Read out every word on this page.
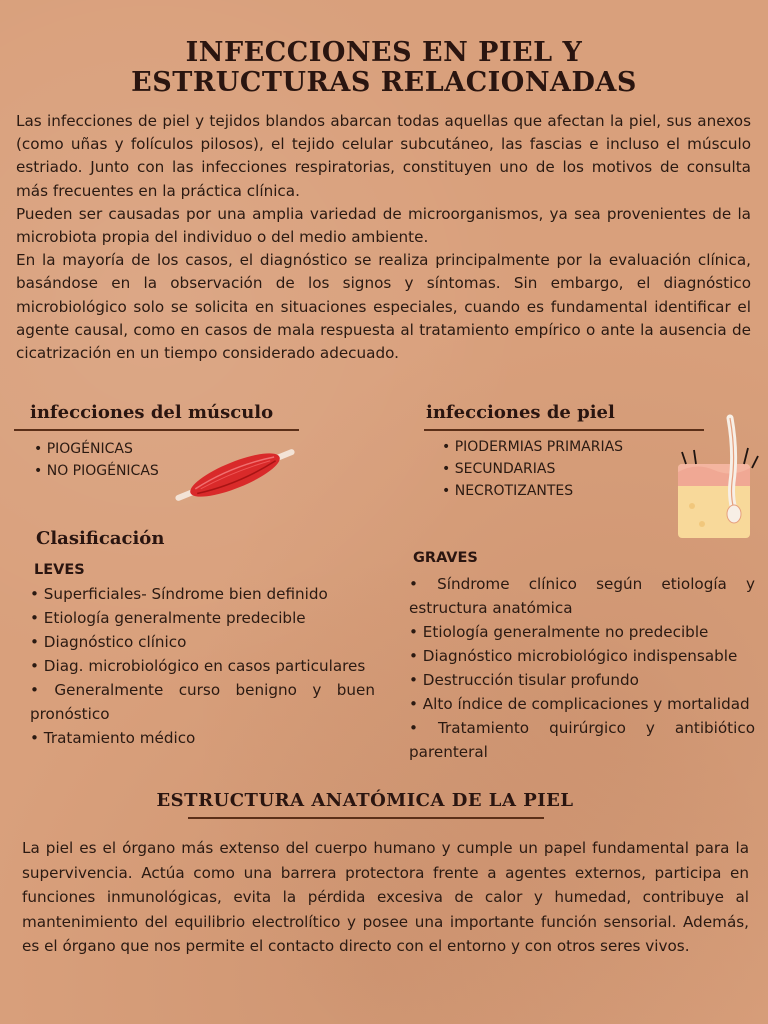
INFECCIONES EN PIEL Y
ESTRUCTURAS RELACIONADAS

Las infecciones de piel y tejidos blandos abarcan todas aquellas que afectan la piel, sus anexos (como uñas y folículos pilosos), el tejido celular subcutáneo, las fascias e incluso el músculo estriado. Junto con las infecciones respiratorias, constituyen uno de los motivos de consulta más frecuentes en la práctica clínica.

Pueden ser causadas por una amplia variedad de microorganismos, ya sea provenientes de la microbiota propia del individuo o del medio ambiente.

En la mayoría de los casos, el diagnóstico se realiza principalmente por la evaluación clínica, basándose en la observación de los signos y síntomas. Sin embargo, el diagnóstico microbiológico solo se solicita en situaciones especiales, cuando es fundamental identificar el agente causal, como en casos de mala respuesta al tratamiento empírico o ante la ausencia de cicatrización en un tiempo considerado adecuado.

infecciones del músculo
• PIOGÉNICAS
• NO PIOGÉNICAS
infecciones de piel
• PIODERMIAS PRIMARIAS
• SECUNDARIAS
• NECROTIZANTES
Clasificación
LEVES
• Superficiales- Síndrome bien definido
• Etiología generalmente predecible
• Diagnóstico clínico
• Diag. microbiológico en casos particulares
• Generalmente curso benigno y buen pronóstico
• Tratamiento médico
GRAVES
• Síndrome clínico según etiología y estructura anatómica
• Etiología generalmente no predecible
• Diagnóstico microbiológico indispensable
• Destrucción tisular profundo
• Alto índice de complicaciones y mortalidad
• Tratamiento quirúrgico y antibiótico parenteral
ESTRUCTURA ANATÓMICA DE LA PIEL
La piel es el órgano más extenso del cuerpo humano y cumple un papel fundamental para la supervivencia. Actúa como una barrera protectora frente a agentes externos, participa en funciones inmunológicas, evita la pérdida excesiva de calor y humedad, contribuye al mantenimiento del equilibrio electrolítico y posee una importante función sensorial. Además, es el órgano que nos permite el contacto directo con el entorno y con otros seres vivos.
